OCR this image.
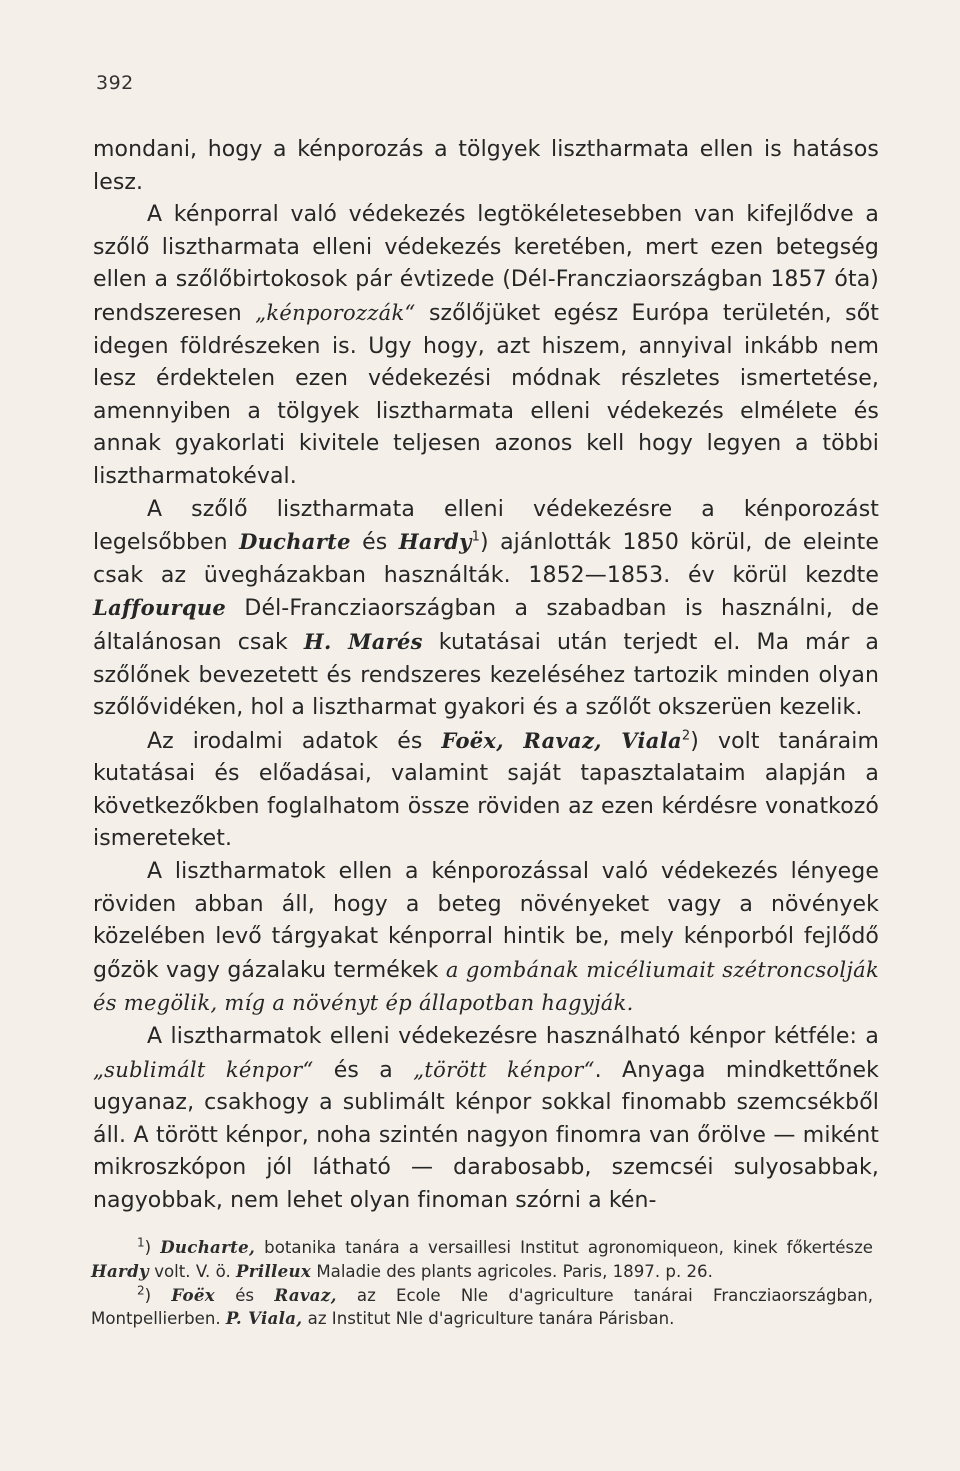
392

mondani, hogy a kénporozás a tölgyek lisztharmata ellen is hatásos lesz.

A kénporral való védekezés legtökéletesebben van kifejlődve a szőlő lisztharmata elleni védekezés keretében, mert ezen betegség ellen a szőlőbirtokosok pár évtizede (Dél-Francziaországban 1857 óta) rendszeresen „kénporozzák“ szőlőjüket egész Európa területén, sőt idegen földrészeken is. Ugy hogy, azt hiszem, annyival inkább nem lesz érdektelen ezen védekezési módnak részletes ismertetése, amennyiben a tölgyek lisztharmata elleni védekezés elmélete és annak gyakorlati kivitele teljesen azonos kell hogy legyen a többi lisztharmatokéval.

A szőlő lisztharmata elleni védekezésre a kénporozást legelsőbben Ducharte és Hardy$^1$) ajánlották 1850 körül, de eleinte csak az üvegházakban használták. 1852—1853. év körül kezdte Laffourque Dél-Francziaországban a szabadban is használni, de általánosan csak H. Marés kutatásai után terjedt el. Ma már a szőlőnek bevezetett és rendszeres kezeléséhez tartozik minden olyan szőlővidéken, hol a lisztharmat gyakori és a szőlőt okszerüen kezelik.

Az irodalmi adatok és Foëx, Ravaz, Viala$^2$) volt tanáraim kutatásai és előadásai, valamint saját tapasztalataim alapján a következőkben foglalhatom össze röviden az ezen kérdésre vonatkozó ismereteket.

A lisztharmatok ellen a kénporozással való védekezés lényege röviden abban áll, hogy a beteg növényeket vagy a növények közelében levő tárgyakat kénporral hintik be, mely kénporból fejlődő gőzök vagy gázalaku termékek a gombának micéliumait szétroncsolják és megölik, míg a növényt ép állapotban hagyják.

A lisztharmatok elleni védekezésre használható kénpor kétféle: a „sublimált kénpor“ és a „törött kénpor“. Anyaga mindkettőnek ugyanaz, csakhogy a sublimált kénpor sokkal finomabb szemcsékből áll. A törött kénpor, noha szintén nagyon finomra van őrölve — miként mikroszkópon jól látható — darabosabb, szemcséi sulyosabbak, nagyobbak, nem lehet olyan finoman szórni a kén-

$^1$) Ducharte, botanika tanára a versaillesi Institut agronomiqueon, kinek főkertésze Hardy volt. V. ö. Prilleux Maladie des plants agricoles. Paris, 1897. p. 26.

$^2$) Foëx és Ravaz, az Ecole Nle d'agriculture tanárai Francziaországban, Montpellierben. P. Viala, az Institut Nle d'agriculture tanára Párisban.
